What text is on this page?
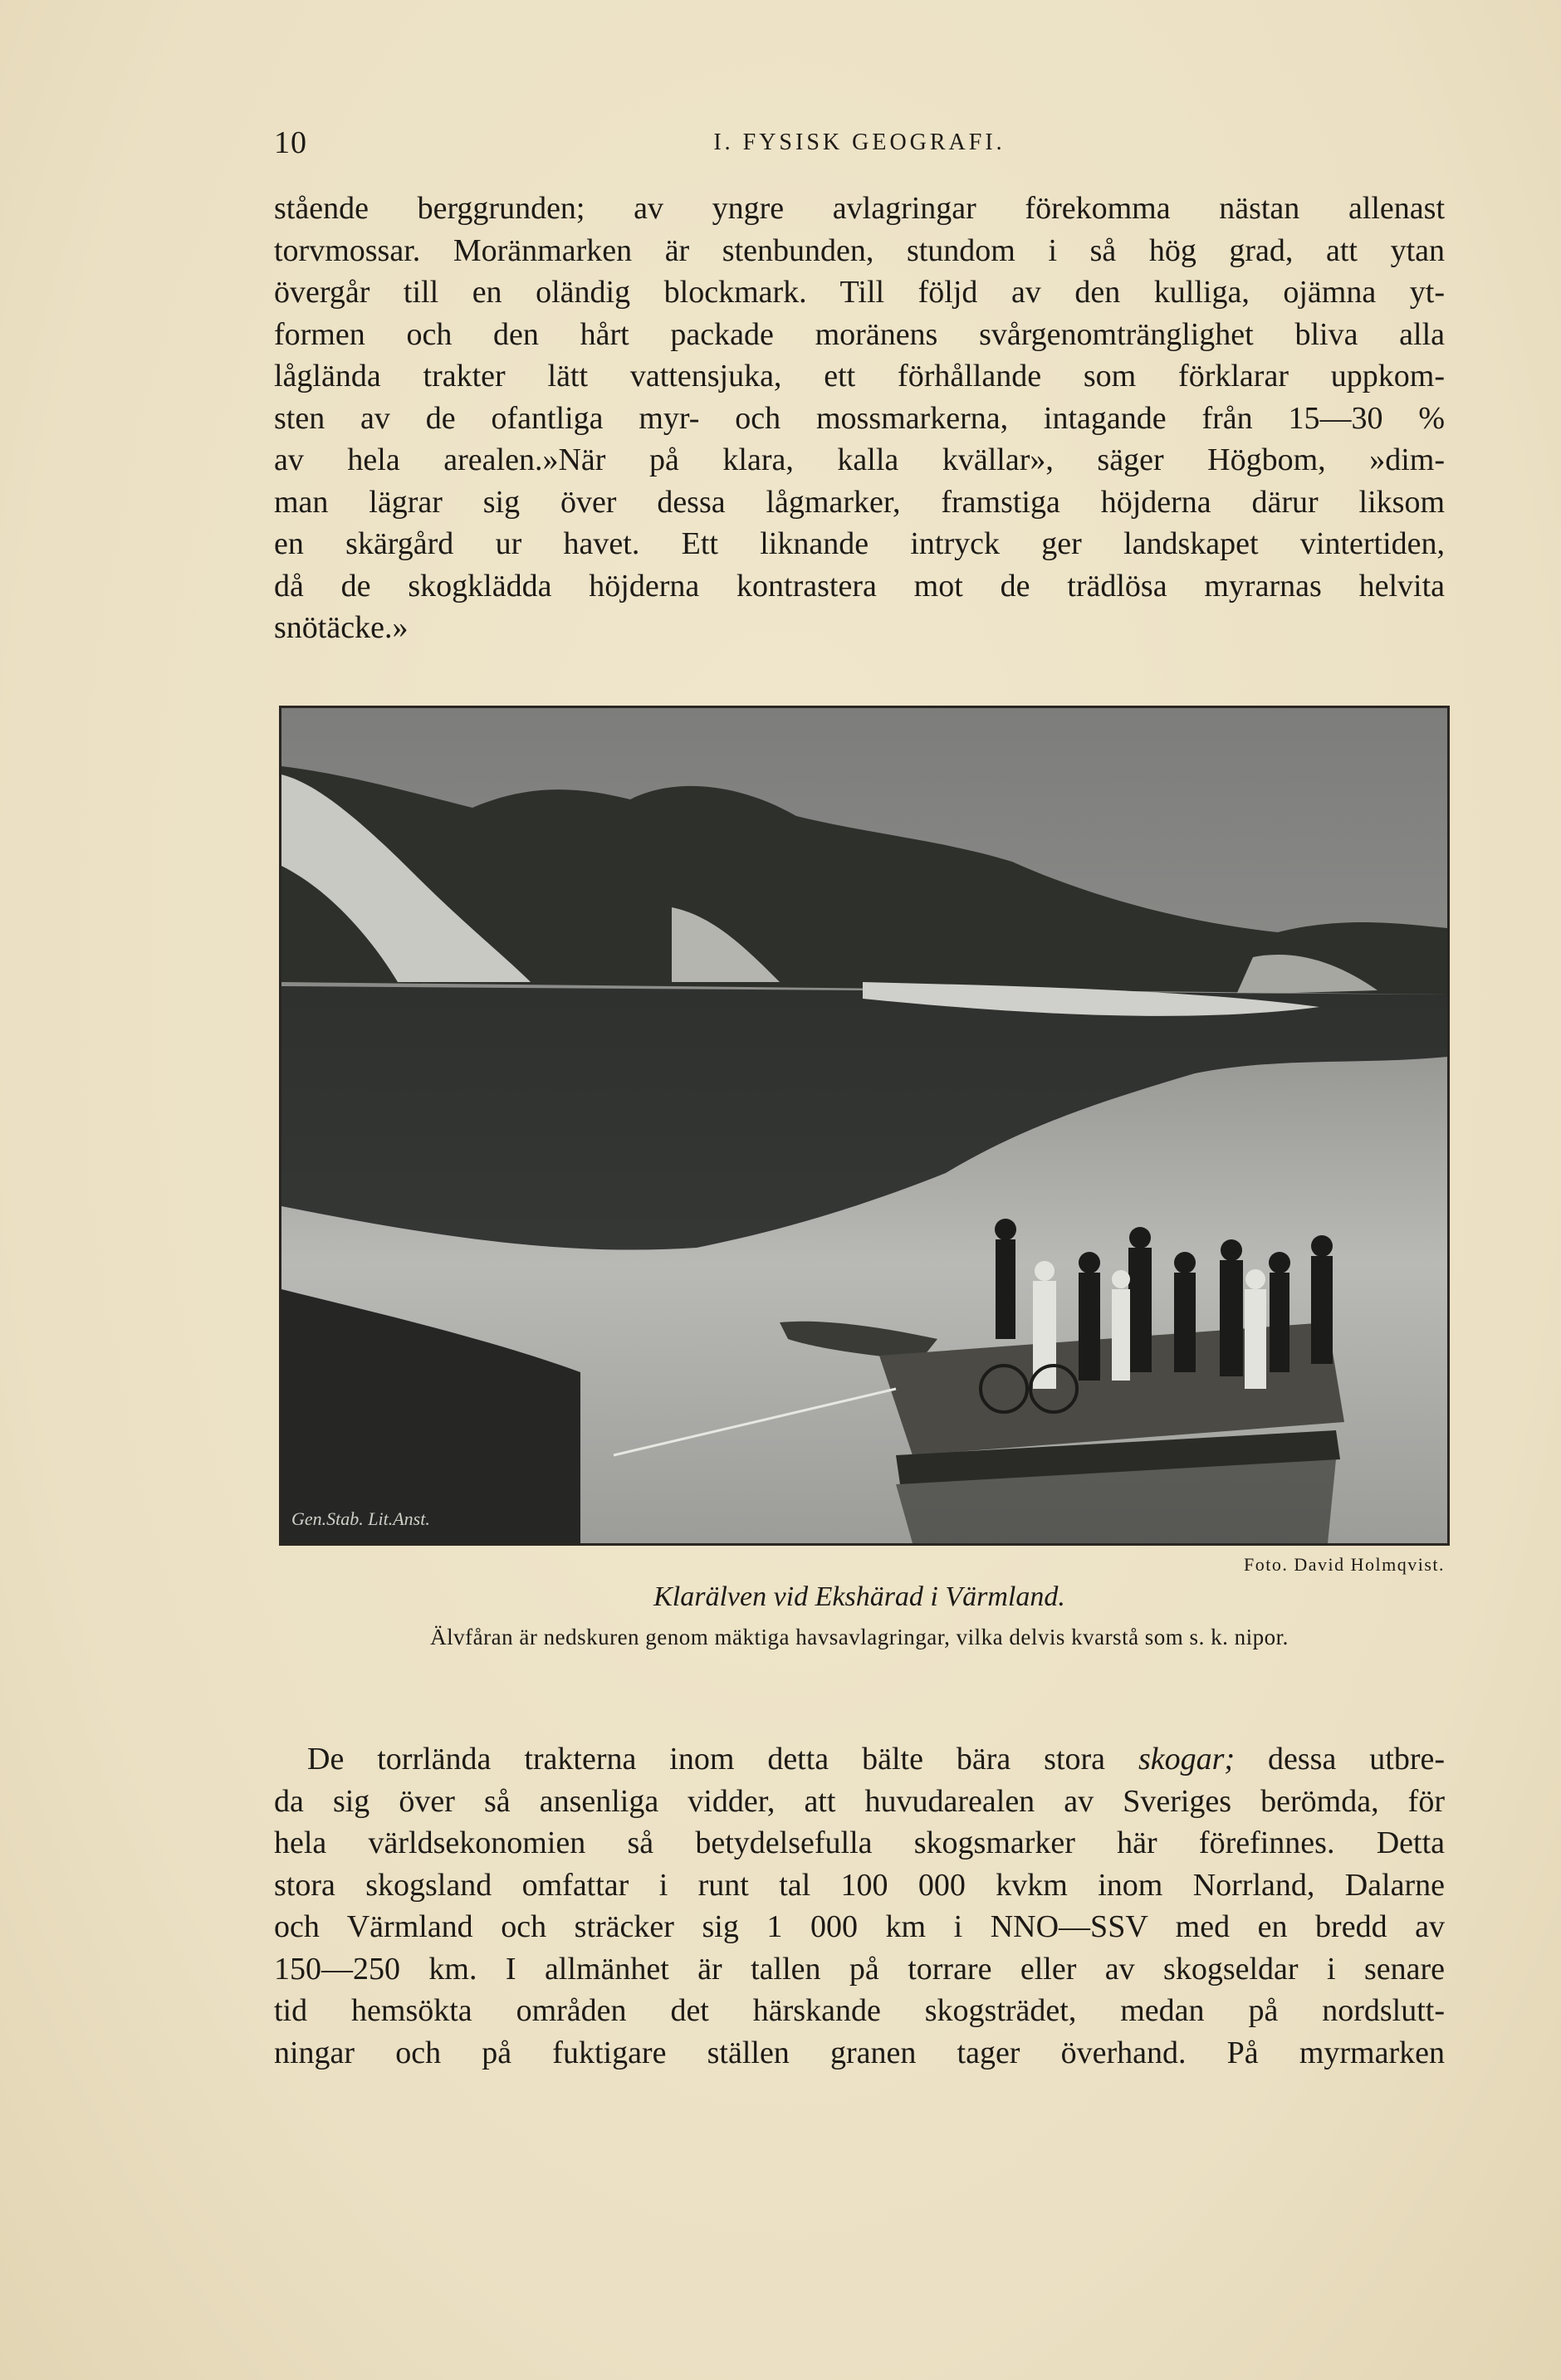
10	I. FYSISK GEOGRAFI.
stående berggrunden; av yngre avlagringar förekomma nästan allenast
torvmossar. Moränmarken är stenbunden, stundom i så hög grad, att ytan
övergår till en oländig blockmark. Till följd av den kulliga, ojämna yt-
formen och den hårt packade moränens svårgenomtränglighet bliva alla
låglända trakter lätt vattensjuka, ett förhållande som förklarar uppkom-
sten av de ofantliga myr- och mossmarkerna, intagande från 15—30 %
av hela arealen.»När på klara, kalla kvällar», säger Högbom, »dim-
man lägrar sig över dessa lågmarker, framstiga höjderna därur liksom
en skärgård ur havet. Ett liknande intryck ger landskapet vintertiden,
då de skogklädda höjderna kontrastera mot de trädlösa myrarnas helvita
snötäcke.»
Gen.Stab. Lit.Anst.
Foto. David Holmqvist.
Klarälven vid Ekshärad i Värmland.
Älvfåran är nedskuren genom mäktiga havsavlagringar, vilka delvis kvarstå som s. k. nipor.
De torrlända trakterna inom detta bälte bära stora skogar; dessa utbre-
da sig över så ansenliga vidder, att huvudarealen av Sveriges berömda, för
hela världsekonomien så betydelsefulla skogsmarker här förefinnes. Detta
stora skogsland omfattar i runt tal 100 000 kvkm inom Norrland, Dalarne
och Värmland och sträcker sig 1 000 km i NNO—SSV med en bredd av
150—250 km. I allmänhet är tallen på torrare eller av skogseldar i senare
tid hemsökta områden det härskande skogsträdet, medan på nordslutt-
ningar och på fuktigare ställen granen tager överhand. På myrmarken
